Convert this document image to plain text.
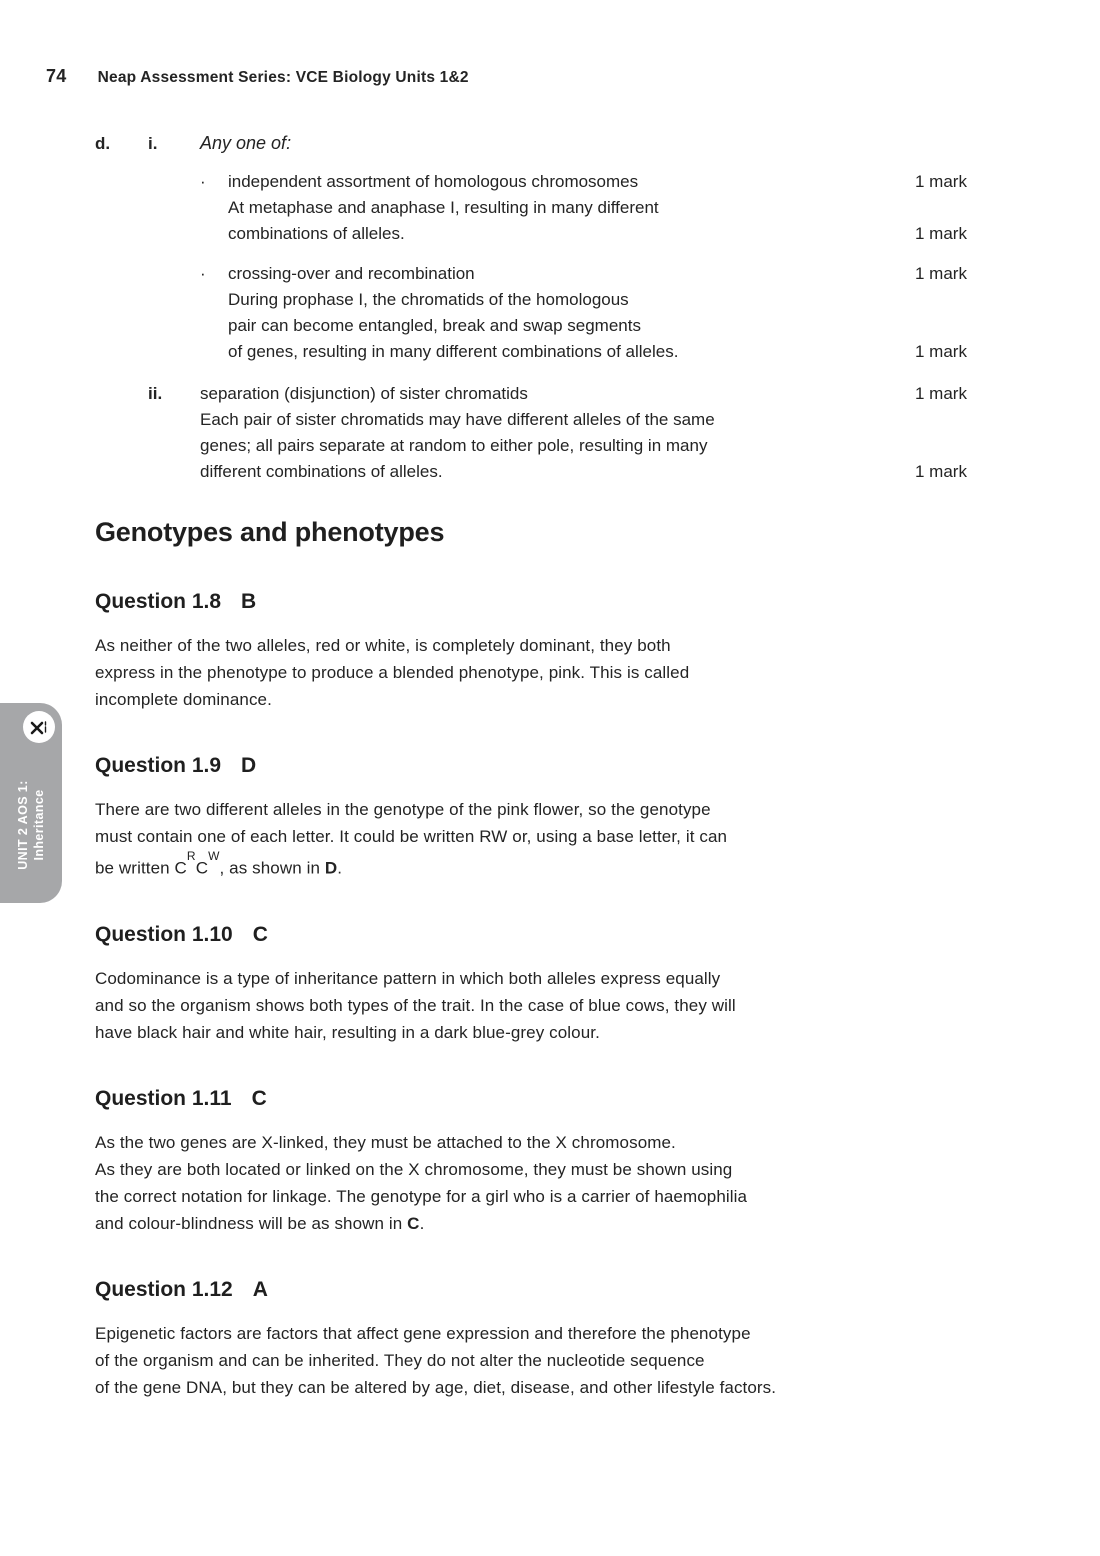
74 Neap Assessment Series: VCE Biology Units 1&2
d.	i.	Any one of:
·	independent assortment of homologous chromosomes	1 mark
At metaphase and anaphase I, resulting in many different
combinations of alleles.	1 mark
·	crossing-over and recombination	1 mark
During prophase I, the chromatids of the homologous
pair can become entangled, break and swap segments
of genes, resulting in many different combinations of alleles.	1 mark
ii.	separation (disjunction) of sister chromatids	1 mark
Each pair of sister chromatids may have different alleles of the same
genes; all pairs separate at random to either pole, resulting in many
different combinations of alleles.	1 mark
Genotypes and phenotypes
Question 1.8 B
As neither of the two alleles, red or white, is completely dominant, they both
express in the phenotype to produce a blended phenotype, pink. This is called
incomplete dominance.
Question 1.9 D
There are two different alleles in the genotype of the pink flower, so the genotype
must contain one of each letter. It could be written RW or, using a base letter, it can
be written $C^RC^W$, as shown in D.
Question 1.10 C
Codominance is a type of inheritance pattern in which both alleles express equally
and so the organism shows both types of the trait. In the case of blue cows, they will
have black hair and white hair, resulting in a dark blue-grey colour.
Question 1.11 C
As the two genes are X-linked, they must be attached to the X chromosome.
As they are both located or linked on the X chromosome, they must be shown using
the correct notation for linkage. The genotype for a girl who is a carrier of haemophilia
and colour-blindness will be as shown in C.
Question 1.12 A
Epigenetic factors are factors that affect gene expression and therefore the phenotype
of the organism and can be inherited. They do not alter the nucleotide sequence
of the gene DNA, but they can be altered by age, diet, disease, and other lifestyle factors.
UNIT 2 AOS 1: Inheritance
